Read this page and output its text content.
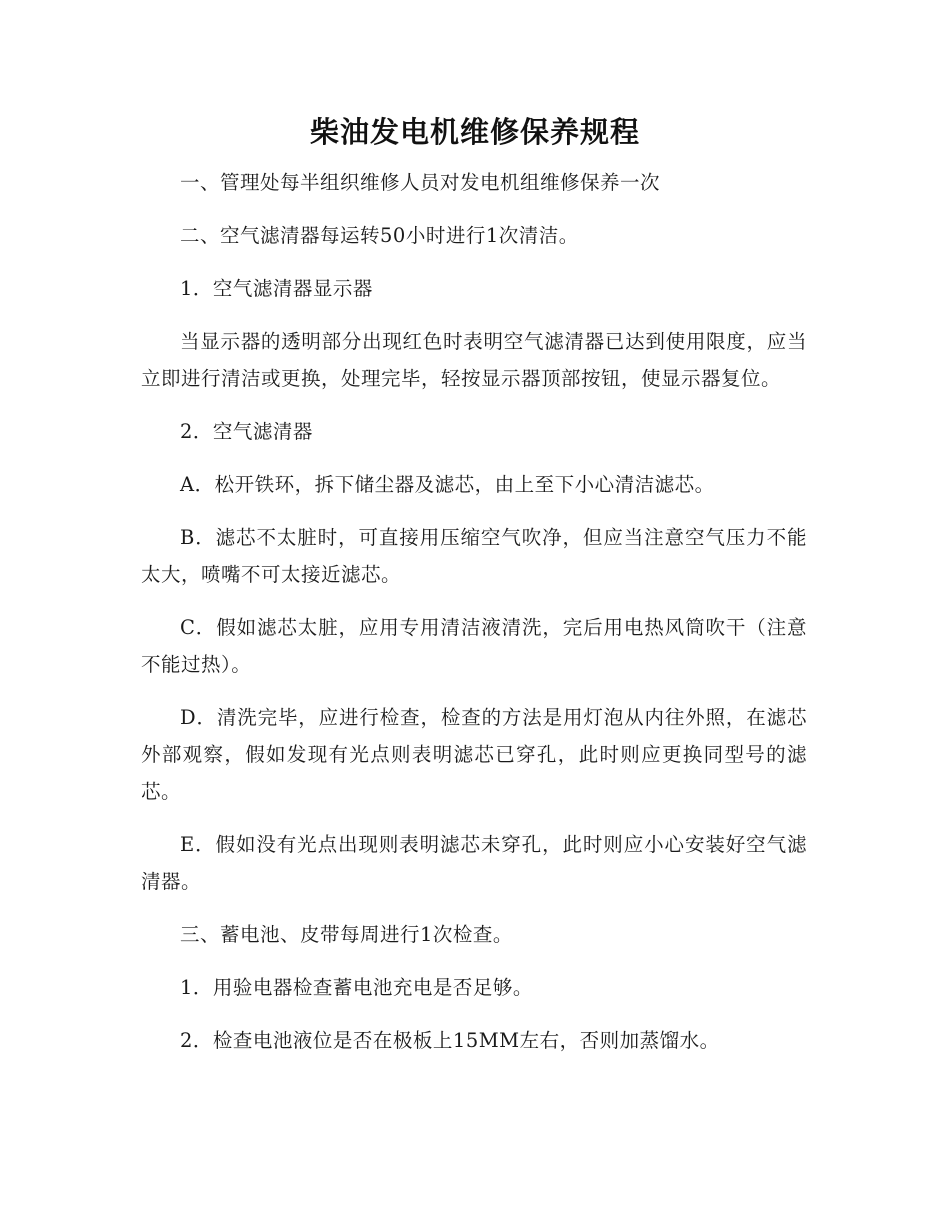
柴油发电机维修保养规程

一、管理处每半组织维修人员对发电机组维修保养一次

二、空气滤清器每运转50小时进行1次清洁。

1．空气滤清器显示器

当显示器的透明部分出现红色时表明空气滤清器已达到使用限度，应当立即进行清洁或更换，处理完毕，轻按显示器顶部按钮，使显示器复位。

2．空气滤清器

A．松开铁环，拆下储尘器及滤芯，由上至下小心清洁滤芯。

B．滤芯不太脏时，可直接用压缩空气吹净，但应当注意空气压力不能太大，喷嘴不可太接近滤芯。

C．假如滤芯太脏，应用专用清洁液清洗，完后用电热风筒吹干（注意不能过热）。

D．清洗完毕，应进行检查，检查的方法是用灯泡从内往外照，在滤芯外部观察，假如发现有光点则表明滤芯已穿孔，此时则应更换同型号的滤芯。

E．假如没有光点出现则表明滤芯未穿孔，此时则应小心安装好空气滤清器。

三、蓄电池、皮带每周进行1次检查。

1．用验电器检查蓄电池充电是否足够。

2．检查电池液位是否在极板上15MM左右，否则加蒸馏水。
